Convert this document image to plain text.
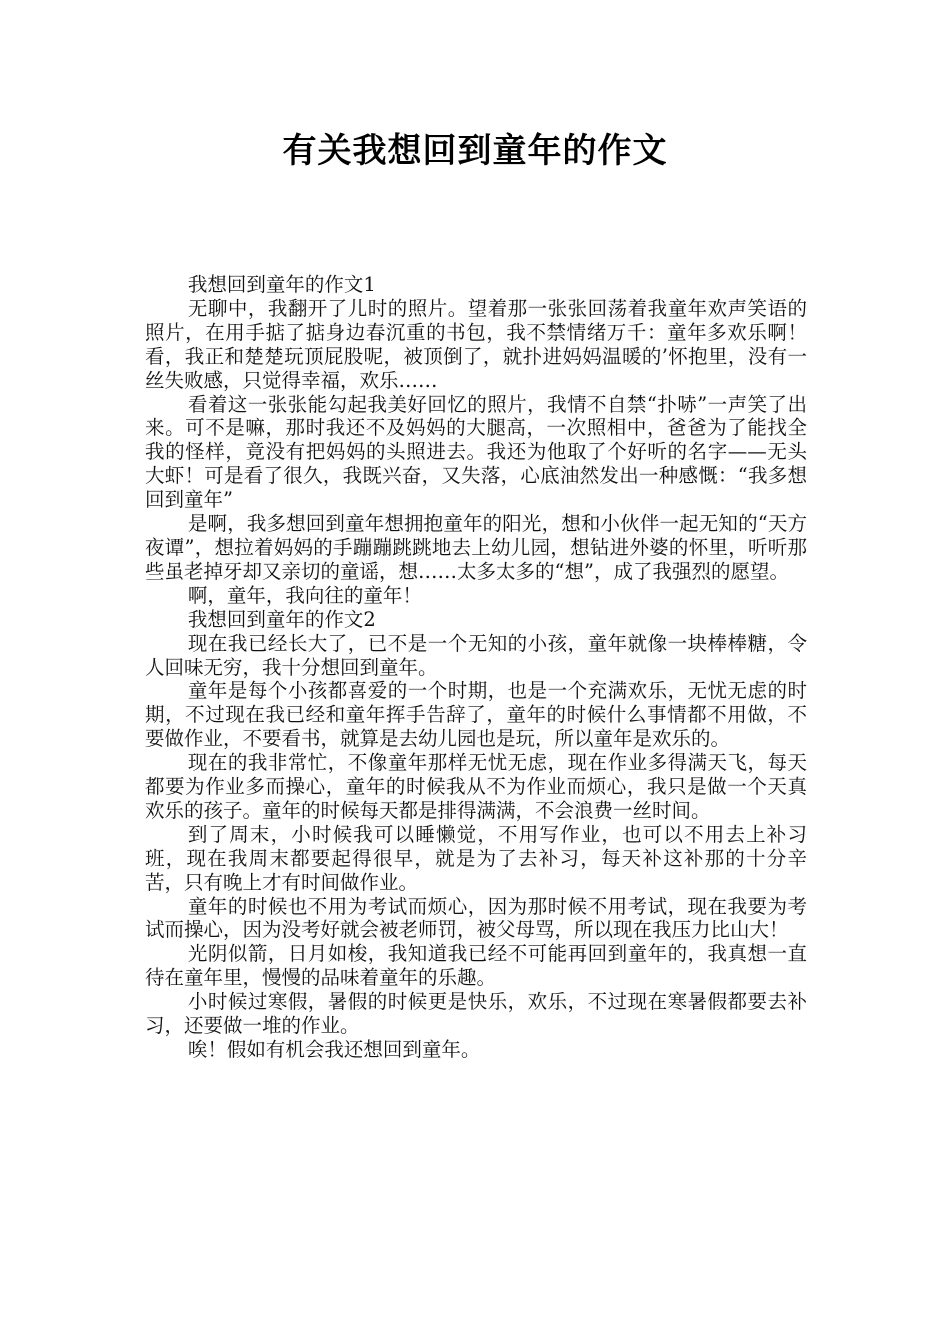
有关我想回到童年的作文

我想回到童年的作文1

无聊中，我翻开了儿时的照片。望着那一张张回荡着我童年欢声笑语的照片，在用手掂了掂身边春沉重的书包，我不禁情绪万千：童年多欢乐啊！看，我正和楚楚玩顶屁股呢，被顶倒了，就扑进妈妈温暖的’怀抱里，没有一丝失败感，只觉得幸福，欢乐……

看着这一张张能勾起我美好回忆的照片，我情不自禁“扑哧”一声笑了出来。可不是嘛，那时我还不及妈妈的大腿高，一次照相中，爸爸为了能找全我的怪样，竟没有把妈妈的头照进去。我还为他取了个好听的名字——无头大虾！可是看了很久，我既兴奋，又失落，心底油然发出一种感慨：“我多想回到童年”

是啊，我多想回到童年想拥抱童年的阳光，想和小伙伴一起无知的“天方夜谭”，想拉着妈妈的手蹦蹦跳跳地去上幼儿园，想钻进外婆的怀里，听听那些虽老掉牙却又亲切的童谣，想……太多太多的“想”，成了我强烈的愿望。

啊，童年，我向往的童年！

我想回到童年的作文2

现在我已经长大了，已不是一个无知的小孩，童年就像一块棒棒糖，令人回味无穷，我十分想回到童年。

童年是每个小孩都喜爱的一个时期，也是一个充满欢乐，无忧无虑的时期，不过现在我已经和童年挥手告辞了，童年的时候什么事情都不用做，不要做作业，不要看书，就算是去幼儿园也是玩，所以童年是欢乐的。

现在的我非常忙，不像童年那样无忧无虑，现在作业多得满天飞，每天都要为作业多而操心，童年的时候我从不为作业而烦心，我只是做一个天真欢乐的孩子。童年的时候每天都是排得满满，不会浪费一丝时间。

到了周末，小时候我可以睡懒觉，不用写作业，也可以不用去上补习班，现在我周末都要起得很早，就是为了去补习，每天补这补那的十分辛苦，只有晚上才有时间做作业。

童年的时候也不用为考试而烦心，因为那时候不用考试，现在我要为考试而操心，因为没考好就会被老师罚，被父母骂，所以现在我压力比山大！

光阴似箭，日月如梭，我知道我已经不可能再回到童年的，我真想一直待在童年里，慢慢的品味着童年的乐趣。

小时候过寒假，暑假的时候更是快乐，欢乐，不过现在寒暑假都要去补习，还要做一堆的作业。

唉！假如有机会我还想回到童年。
